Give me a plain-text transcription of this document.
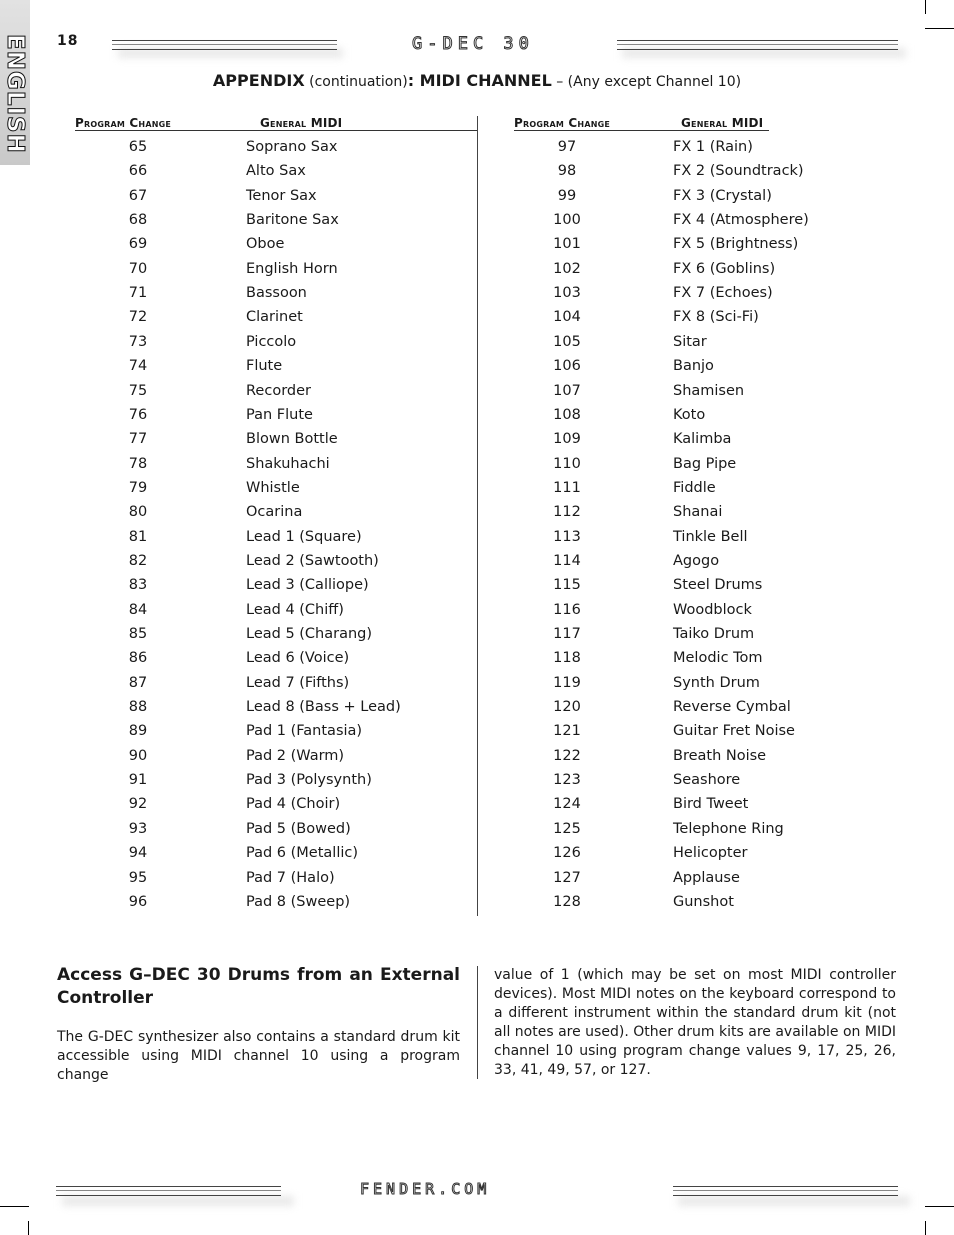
ENGLISH 18	G-DEC 30
APPENDIX (continuation): MIDI CHANNEL – (Any except Channel 10)
Program Change	General MIDI	Program Change	General MIDI
65	Soprano Sax
66	Alto Sax
67	Tenor Sax
68	Baritone Sax
69	Oboe
70	English Horn
71	Bassoon
72	Clarinet
73	Piccolo
74	Flute
75	Recorder
76	Pan Flute
77	Blown Bottle
78	Shakuhachi
79	Whistle
80	Ocarina
81	Lead 1 (Square)
82	Lead 2 (Sawtooth)
83	Lead 3 (Calliope)
84	Lead 4 (Chiff)
85	Lead 5 (Charang)
86	Lead 6 (Voice)
87	Lead 7 (Fifths)
88	Lead 8 (Bass + Lead)
89	Pad 1 (Fantasia)
90	Pad 2 (Warm)
91	Pad 3 (Polysynth)
92	Pad 4 (Choir)
93	Pad 5 (Bowed)
94	Pad 6 (Metallic)
95	Pad 7 (Halo)
96	Pad 8 (Sweep)
97	FX 1 (Rain)
98	FX 2 (Soundtrack)
99	FX 3 (Crystal)
100	FX 4 (Atmosphere)
101	FX 5 (Brightness)
102	FX 6 (Goblins)
103	FX 7 (Echoes)
104	FX 8 (Sci-Fi)
105	Sitar
106	Banjo
107	Shamisen
108	Koto
109	Kalimba
110	Bag Pipe
111	Fiddle
112	Shanai
113	Tinkle Bell
114	Agogo
115	Steel Drums
116	Woodblock
117	Taiko Drum
118	Melodic Tom
119	Synth Drum
120	Reverse Cymbal
121	Guitar Fret Noise
122	Breath Noise
123	Seashore
124	Bird Tweet
125	Telephone Ring
126	Helicopter
127	Applause
128	Gunshot
Access G–DEC 30 Drums from an External Controller
The G-DEC synthesizer also contains a standard drum kit accessible using MIDI channel 10 using a program change
value of 1 (which may be set on most MIDI controller devices). Most MIDI notes on the keyboard correspond to a different instrument within the standard drum kit (not all notes are used). Other drum kits are available on MIDI channel 10 using program change values 9, 17, 25, 26, 33, 41, 49, 57, or 127.
FENDER.COM
